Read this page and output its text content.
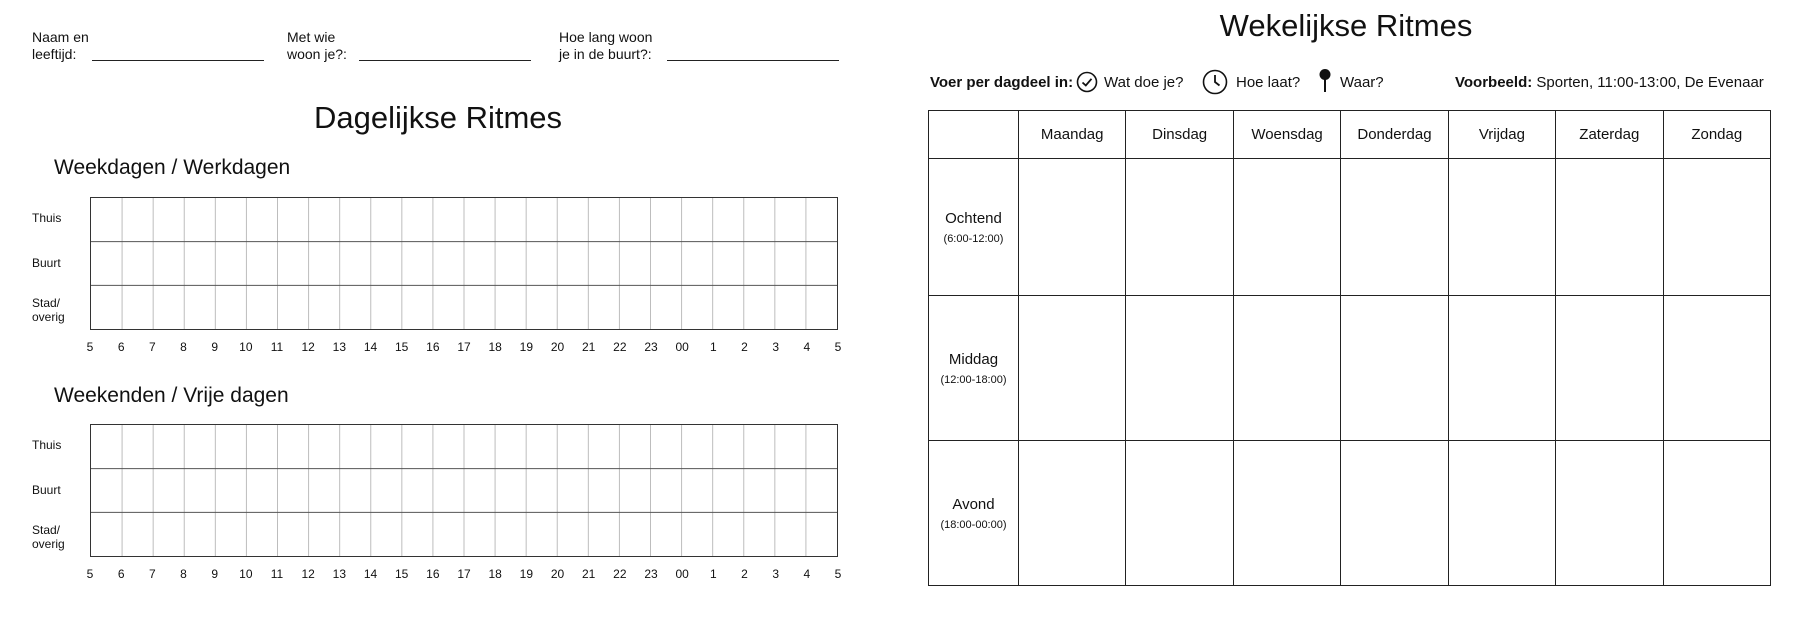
Naam en
leeftijd:
Met wie
woon je?:
Hoe lang woon
je in de buurt?:
Dagelijkse Ritmes
Weekdagen / Werkdagen
Thuis
Buurt
Stad/
overig
5	6	7	8	9	10	11	12	13	14	15	16	17	18	19	20	21	22	23	00	1	2	3	4	5
Weekenden / Vrije dagen
Thuis
Buurt
Stad/
overig
5	6	7	8	9	10	11	12	13	14	15	16	17	18	19	20	21	22	23	00	1	2	3	4	5
Wekelijkse Ritmes
Voer per dagdeel in: Wat doe je?	Hoe laat?	Waar?	Voorbeeld: Sporten, 11:00-13:00, De Evenaar
	Maandag	Dinsdag	Woensdag	Donderdag	Vrijdag	Zaterdag	Zondag

Ochtend
(6:00-12:00)							

Middag
(12:00-18:00)							

Avond
(18:00-00:00)							
